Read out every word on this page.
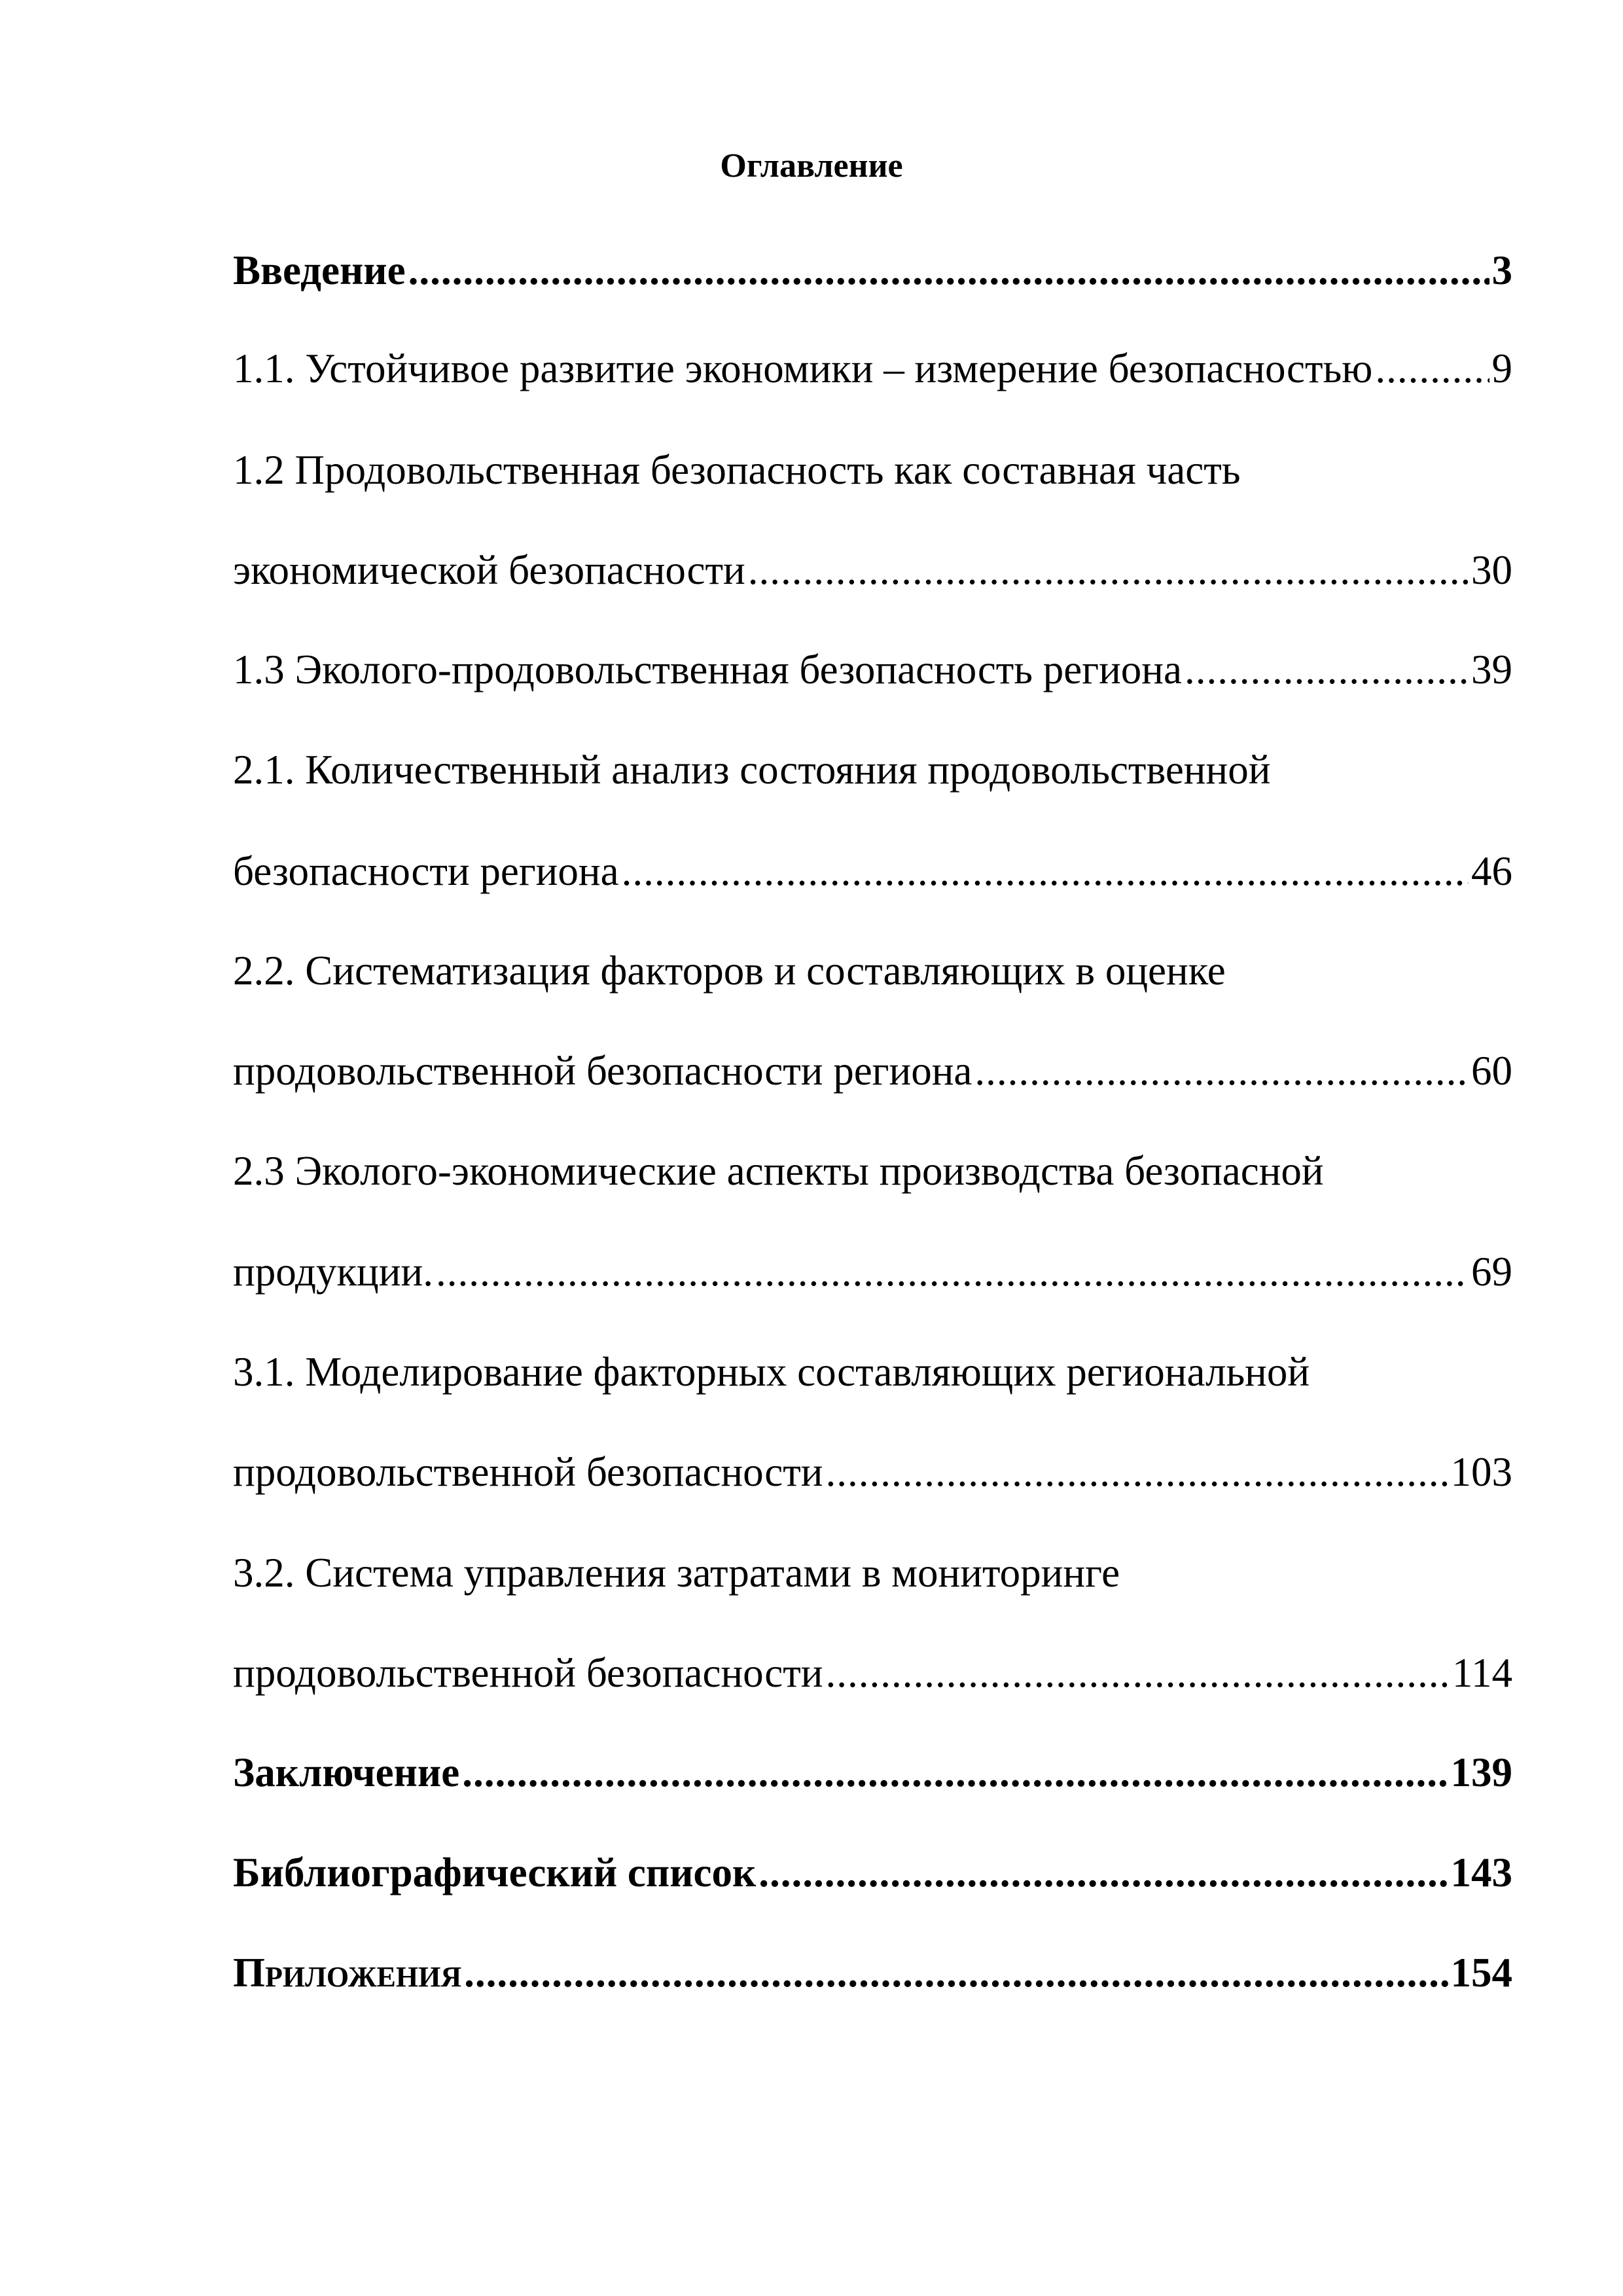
Оглавление
Введение .....	3
1.1. Устойчивое развитие экономики – измерение безопасностью .....	9
1.2 Продовольственная безопасность как составная часть
экономической безопасности .....	30
1.3 Эколого-продовольственная безопасность региона .....	39
2.1. Количественный анализ состояния продовольственной
безопасности региона .....	46
2.2. Систематизация факторов и составляющих в оценке
продовольственной безопасности региона .....	60
2.3 Эколого-экономические аспекты производства безопасной
продукции. .....	69
3.1. Моделирование факторных составляющих региональной
продовольственной безопасности .....	103
3.2. Система управления затратами в мониторинге
продовольственной безопасности .....	114
Заключение .....	139
Библиографический список .....	143
Приложения .....	154
